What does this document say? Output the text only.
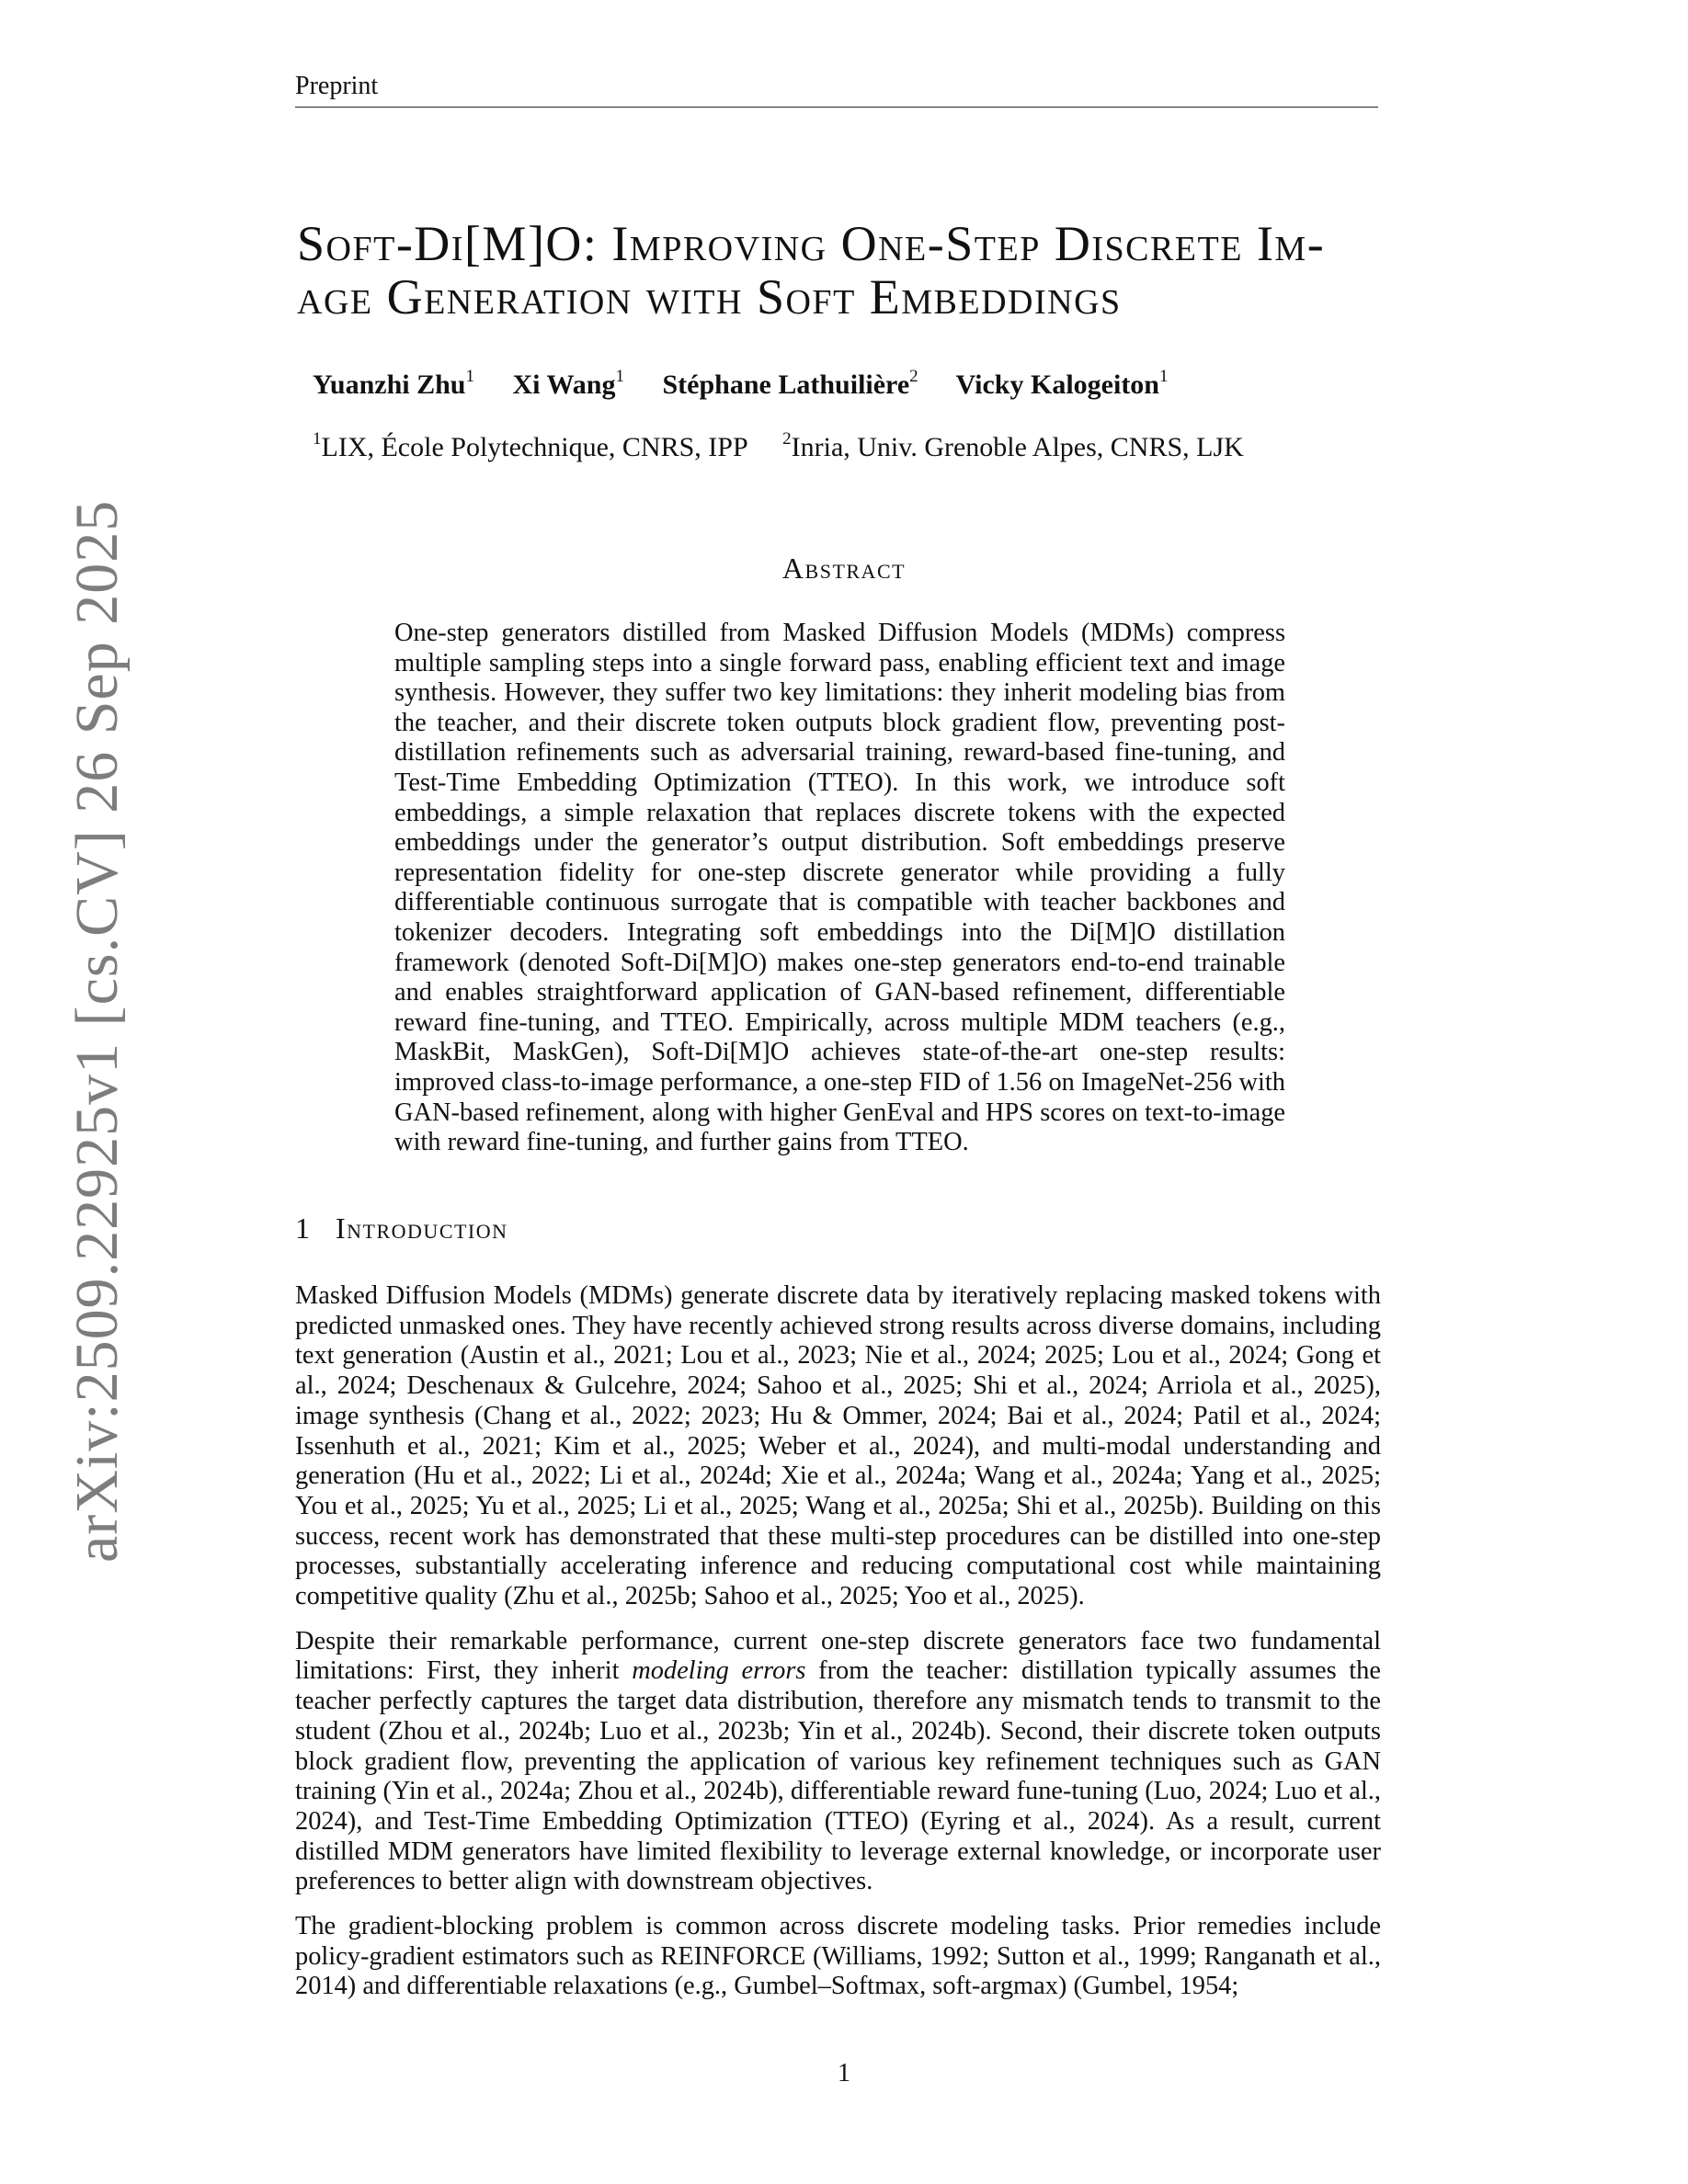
Preprint
arXiv:2509.22925v1 [cs.CV] 26 Sep 2025
Soft-Di[M]O: Improving One-Step Discrete Im-
age Generation with Soft Embeddings
Yuanzhi Zhu$^1$ Xi Wang$^1$ Stéphane Lathuilière$^2$ Vicky Kalogeiton$^1$
$^1$LIX, École Polytechnique, CNRS, IPP $^2$Inria, Univ. Grenoble Alpes, CNRS, LJK
Abstract

One-step generators distilled from Masked Diffusion Models (MDMs) compress multiple sampling steps into a single forward pass, enabling efficient text and image synthesis. However, they suffer two key limitations: they inherit modeling bias from the teacher, and their discrete token outputs block gradient flow, preventing post-distillation refinements such as adversarial training, reward-based fine-tuning, and Test-Time Embedding Optimization (TTEO). In this work, we introduce soft embeddings, a simple relaxation that replaces discrete tokens with the expected embeddings under the generator’s output distribution. Soft embeddings preserve representation fidelity for one-step discrete generator while providing a fully differentiable continuous surrogate that is compatible with teacher backbones and tokenizer decoders. Integrating soft embeddings into the Di[M]O distillation framework (denoted Soft-Di[M]O) makes one-step generators end-to-end trainable and enables straightforward application of GAN-based refinement, differentiable reward fine-tuning, and TTEO. Empirically, across multiple MDM teachers (e.g., MaskBit, MaskGen), Soft-Di[M]O achieves state-of-the-art one-step results: improved class-to-image performance, a one-step FID of 1.56 on ImageNet-256 with GAN-based refinement, along with higher GenEval and HPS scores on text-to-image with reward fine-tuning, and further gains from TTEO.

1 Introduction

Masked Diffusion Models (MDMs) generate discrete data by iteratively replacing masked tokens with predicted unmasked ones. They have recently achieved strong results across diverse domains, including text generation (Austin et al., 2021; Lou et al., 2023; Nie et al., 2024; 2025; Lou et al., 2024; Gong et al., 2024; Deschenaux & Gulcehre, 2024; Sahoo et al., 2025; Shi et al., 2024; Arriola et al., 2025), image synthesis (Chang et al., 2022; 2023; Hu & Ommer, 2024; Bai et al., 2024; Patil et al., 2024; Issenhuth et al., 2021; Kim et al., 2025; Weber et al., 2024), and multi-modal understanding and generation (Hu et al., 2022; Li et al., 2024d; Xie et al., 2024a; Wang et al., 2024a; Yang et al., 2025; You et al., 2025; Yu et al., 2025; Li et al., 2025; Wang et al., 2025a; Shi et al., 2025b). Building on this success, recent work has demonstrated that these multi-step procedures can be distilled into one-step processes, substantially accelerating inference and reducing computational cost while maintaining competitive quality (Zhu et al., 2025b; Sahoo et al., 2025; Yoo et al., 2025).

Despite their remarkable performance, current one-step discrete generators face two fundamental limitations: First, they inherit modeling errors from the teacher: distillation typically assumes the teacher perfectly captures the target data distribution, therefore any mismatch tends to transmit to the student (Zhou et al., 2024b; Luo et al., 2023b; Yin et al., 2024b). Second, their discrete token outputs block gradient flow, preventing the application of various key refinement techniques such as GAN training (Yin et al., 2024a; Zhou et al., 2024b), differentiable reward fune-tuning (Luo, 2024; Luo et al., 2024), and Test-Time Embedding Optimization (TTEO) (Eyring et al., 2024). As a result, current distilled MDM generators have limited flexibility to leverage external knowledge, or incorporate user preferences to better align with downstream objectives.

The gradient-blocking problem is common across discrete modeling tasks. Prior remedies include policy-gradient estimators such as REINFORCE (Williams, 1992; Sutton et al., 1999; Ranganath et al., 2014) and differentiable relaxations (e.g., Gumbel–Softmax, soft-argmax) (Gumbel, 1954;

1
